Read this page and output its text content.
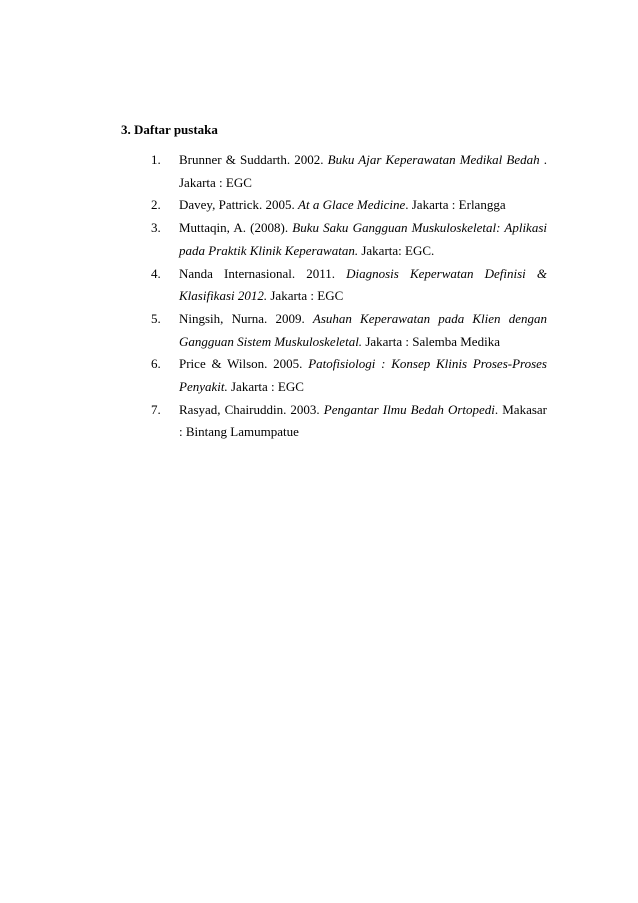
3. Daftar pustaka
1. Brunner & Suddarth. 2002. Buku Ajar Keperawatan Medikal Bedah . Jakarta : EGC
2. Davey, Pattrick. 2005. At a Glace Medicine. Jakarta : Erlangga
3. Muttaqin, A. (2008). Buku Saku Gangguan Muskuloskeletal: Aplikasi pada Praktik Klinik Keperawatan. Jakarta: EGC.
4. Nanda Internasional. 2011. Diagnosis Keperwatan Definisi & Klasifikasi 2012. Jakarta : EGC
5. Ningsih, Nurna. 2009. Asuhan Keperawatan pada Klien dengan Gangguan Sistem Muskuloskeletal. Jakarta : Salemba Medika
6. Price & Wilson. 2005. Patofisiologi : Konsep Klinis Proses-Proses Penyakit. Jakarta : EGC
7. Rasyad, Chairuddin. 2003. Pengantar Ilmu Bedah Ortopedi. Makasar : Bintang Lamumpatue
